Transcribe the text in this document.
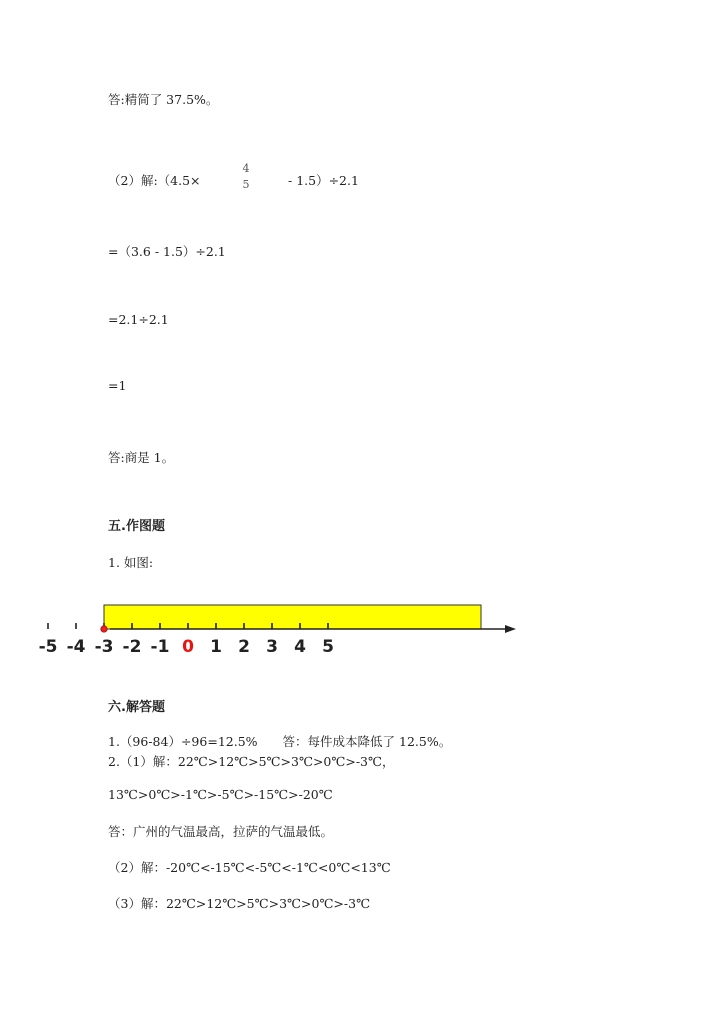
答:精简了 37.5%。
（2）解:（4.5×
4
5	- 1.5）÷2.1
=（3.6 - 1.5）÷2.1
=2.1÷2.1
=1
答:商是 1。
五.作图题
1. 如图:
-5 -4 -3 -2 -1 0 1 2 3 4 5
六.解答题
1.（96-84）÷96=12.5%　　答：每件成本降低了 12.5%。
2.（1）解：22℃>12℃>5℃>3℃>0℃>-3℃，
13℃>0℃>-1℃>-5℃>-15℃>-20℃
答：广州的气温最高，拉萨的气温最低。
（2）解：-20℃<-15℃<-5℃<-1℃<0℃<13℃
（3）解：22℃>12℃>5℃>3℃>0℃>-3℃
